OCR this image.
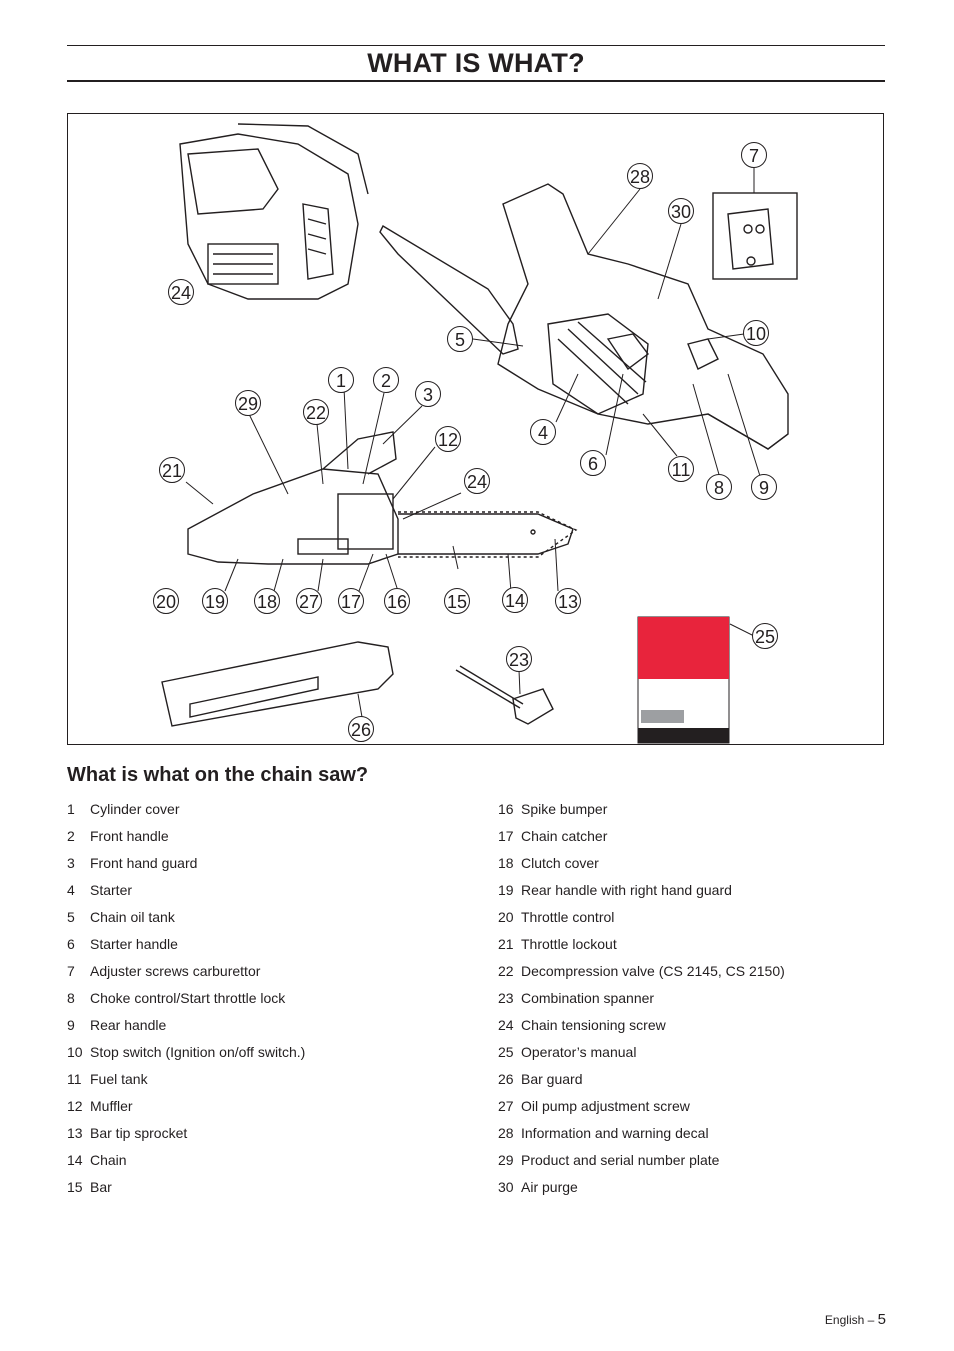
WHAT IS WHAT?
1 2
3
4
5
6
7
8 9
10
11
12
13
14
15
16
17
18
19
20
21
22
23
24
24
25
26
27
28
29
30
What is what on the chain saw?
1 Cylinder cover
2 Front handle
3 Front hand guard
4 Starter
5 Chain oil tank
6 Starter handle
7 Adjuster screws carburettor
8 Choke control/Start throttle lock
9 Rear handle
10 Stop switch (Ignition on/off switch.)
11 Fuel tank
12 Muffler
13 Bar tip sprocket
14 Chain
15 Bar
16 Spike bumper
17 Chain catcher
18 Clutch cover
19 Rear handle with right hand guard
20 Throttle control
21 Throttle lockout
22 Decompression valve (CS 2145, CS 2150)
23 Combination spanner
24 Chain tensioning screw
25 Operator’s manual
26 Bar guard
27 Oil pump adjustment screw
28 Information and warning decal
29 Product and serial number plate
30 Air purge
English – 5
